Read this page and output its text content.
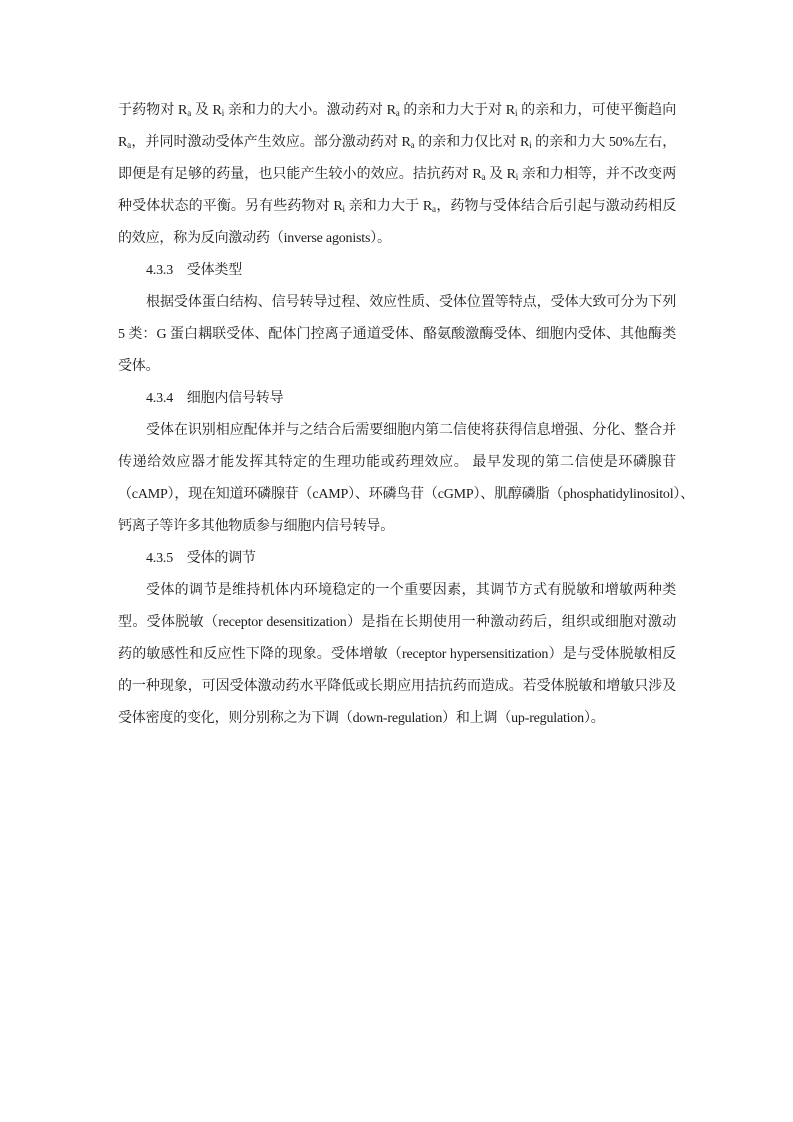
于药物对 $R_a$ 及 $R_i$ 亲和力的大小。激动药对 $R_a$ 的亲和力大于对 $R_i$ 的亲和力，可使平衡趋向
$R_a$，并同时激动受体产生效应。部分激动药对 $R_a$ 的亲和力仅比对 $R_i$ 的亲和力大 50%左右，
即便是有足够的药量，也只能产生较小的效应。拮抗药对 $R_a$ 及 $R_i$ 亲和力相等，并不改变两
种受体状态的平衡。另有些药物对 $R_i$ 亲和力大于 $R_a$，药物与受体结合后引起与激动药相反
的效应，称为反向激动药（inverse agonists）。
4.3.3　受体类型
根据受体蛋白结构、信号转导过程、效应性质、受体位置等特点，受体大致可分为下列
5 类：G 蛋白耦联受体、配体门控离子通道受体、酪氨酸激酶受体、细胞内受体、其他酶类
受体。
4.3.4　细胞内信号转导
受体在识别相应配体并与之结合后需要细胞内第二信使将获得信息增强、分化、整合并
传递给效应器才能发挥其特定的生理功能或药理效应。 最早发现的第二信使是环磷腺苷
（cAMP），现在知道环磷腺苷（cAMP）、环磷鸟苷（cGMP）、肌醇磷脂（phosphatidylinositol）、
钙离子等许多其他物质参与细胞内信号转导。
4.3.5　受体的调节
受体的调节是维持机体内环境稳定的一个重要因素，其调节方式有脱敏和增敏两种类
型。受体脱敏（receptor desensitization）是指在长期使用一种激动药后，组织或细胞对激动
药的敏感性和反应性下降的现象。受体增敏（receptor hypersensitization）是与受体脱敏相反
的一种现象，可因受体激动药水平降低或长期应用拮抗药而造成。若受体脱敏和增敏只涉及
受体密度的变化，则分别称之为下调（down-regulation）和上调（up-regulation）。
